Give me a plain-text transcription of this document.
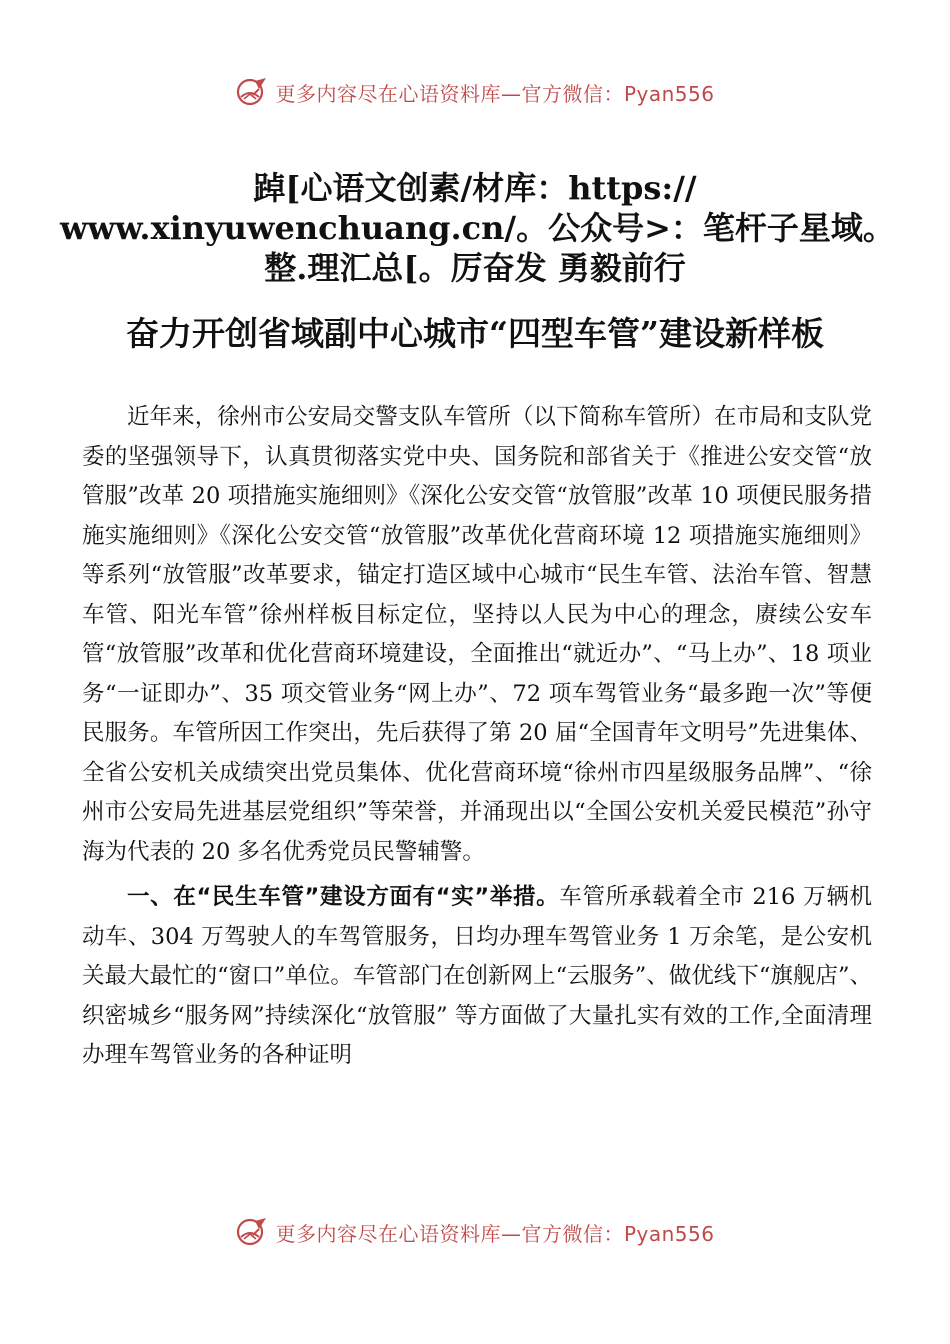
更多内容尽在心语资料库—官方微信：Pyan556
踔[心语文创素/材库：https://
www.xinyuwenchuang.cn/。公众号>：笔杆子星域。
整.理汇总[。厉奋发 勇毅前行
奋力开创省域副中心城市“四型车管”建设新样板

近年来，徐州市公安局交警支队车管所（以下简称车管所）在市局和支队党委的坚强领导下，认真贯彻落实党中央、国务院和部省关于《推进公安交管“放管服”改革 20 项措施实施细则》《深化公安交管“放管服”改革 10 项便民服务措施实施细则》《深化公安交管“放管服”改革优化营商环境 12 项措施实施细则》等系列“放管服”改革要求，锚定打造区域中心城市“民生车管、法治车管、智慧车管、阳光车管”徐州样板目标定位，坚持以人民为中心的理念，赓续公安车管“放管服”改革和优化营商环境建设，全面推出“就近办”、“马上办”、18 项业务“一证即办”、35 项交管业务“网上办”、72 项车驾管业务“最多跑一次”等便民服务。车管所因工作突出，先后获得了第 20 届“全国青年文明号”先进集体、全省公安机关成绩突出党员集体、优化营商环境“徐州市四星级服务品牌”、“徐州市公安局先进基层党组织”等荣誉，并涌现出以“全国公安机关爱民模范”孙守海为代表的 20 多名优秀党员民警辅警。

一、在“民生车管”建设方面有“实”举措。车管所承载着全市 216 万辆机动车、304 万驾驶人的车驾管服务，日均办理车驾管业务 1 万余笔，是公安机关最大最忙的“窗口”单位。车管部门在创新网上“云服务”、做优线下“旗舰店”、织密城乡“服务网”持续深化“放管服” 等方面做了大量扎实有效的工作,全面清理办理车驾管业务的各种证明

更多内容尽在心语资料库—官方微信：Pyan556
